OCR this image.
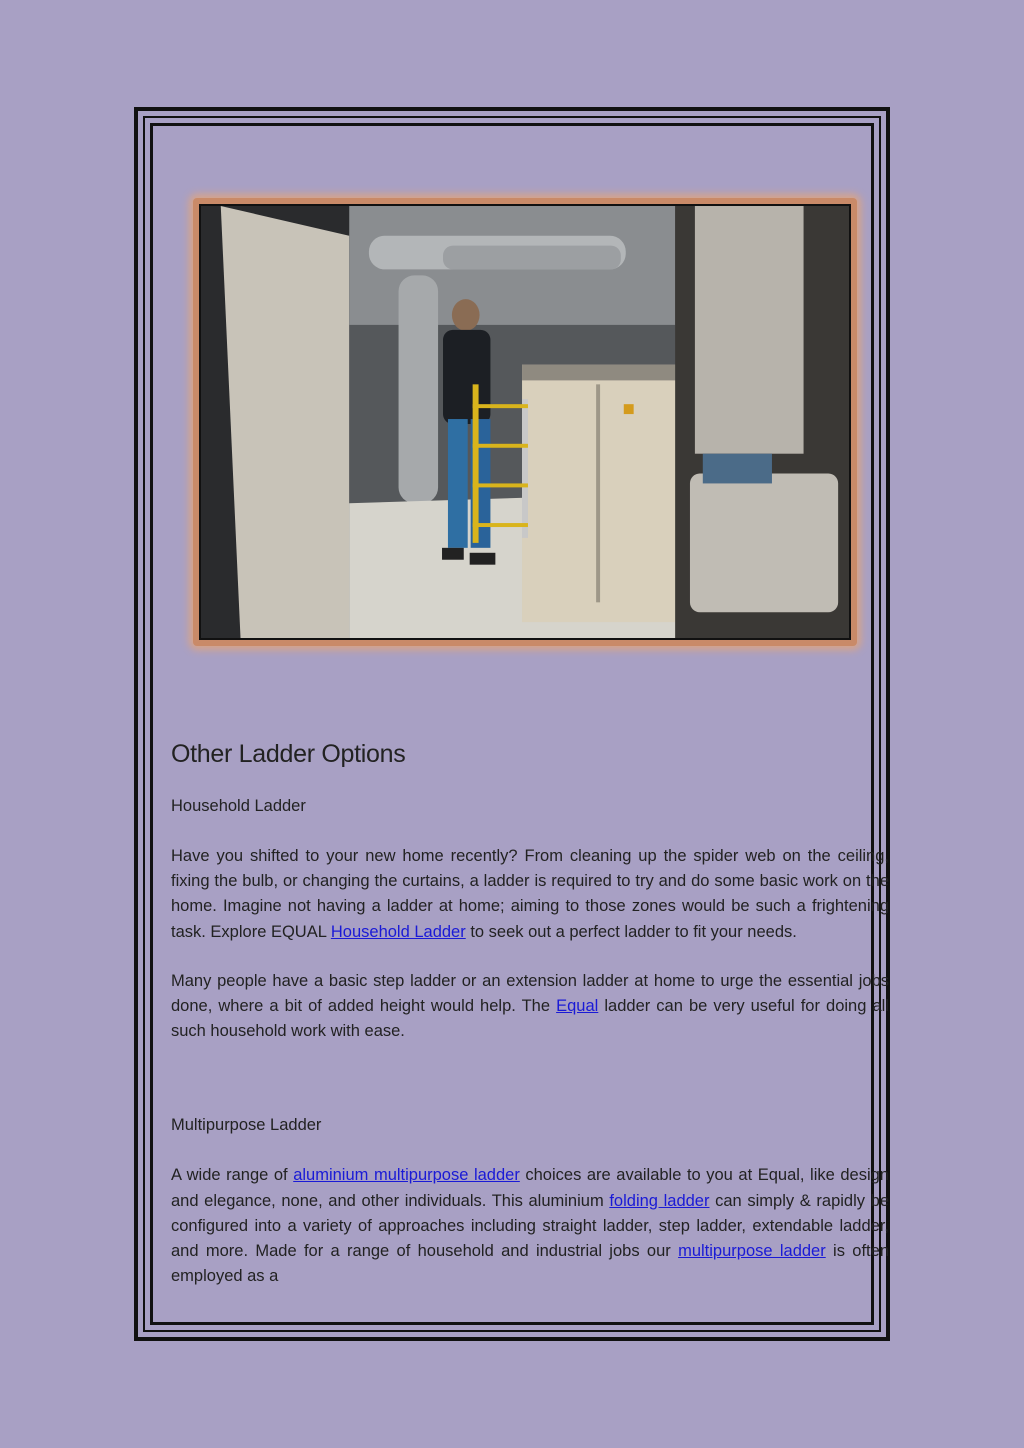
Other Ladder Options
Household Ladder

Have you shifted to your new home recently? From cleaning up the spider web on the ceiling, fixing the bulb, or changing the curtains, a ladder is required to try and do some basic work on the home. Imagine not having a ladder at home; aiming to those zones would be such a frightening task. Explore EQUAL Household Ladder to seek out a perfect ladder to fit your needs.

Many people have a basic step ladder or an extension ladder at home to urge the essential jobs done, where a bit of added height would help. The Equal ladder can be very useful for doing all such household work with ease.

Multipurpose Ladder

A wide range of aluminium multipurpose ladder choices are available to you at Equal, like design and elegance, none, and other individuals. This aluminium folding ladder can simply & rapidly be configured into a variety of approaches including straight ladder, step ladder, extendable ladder, and more. Made for a range of household and industrial jobs our multipurpose ladder is often employed as a
